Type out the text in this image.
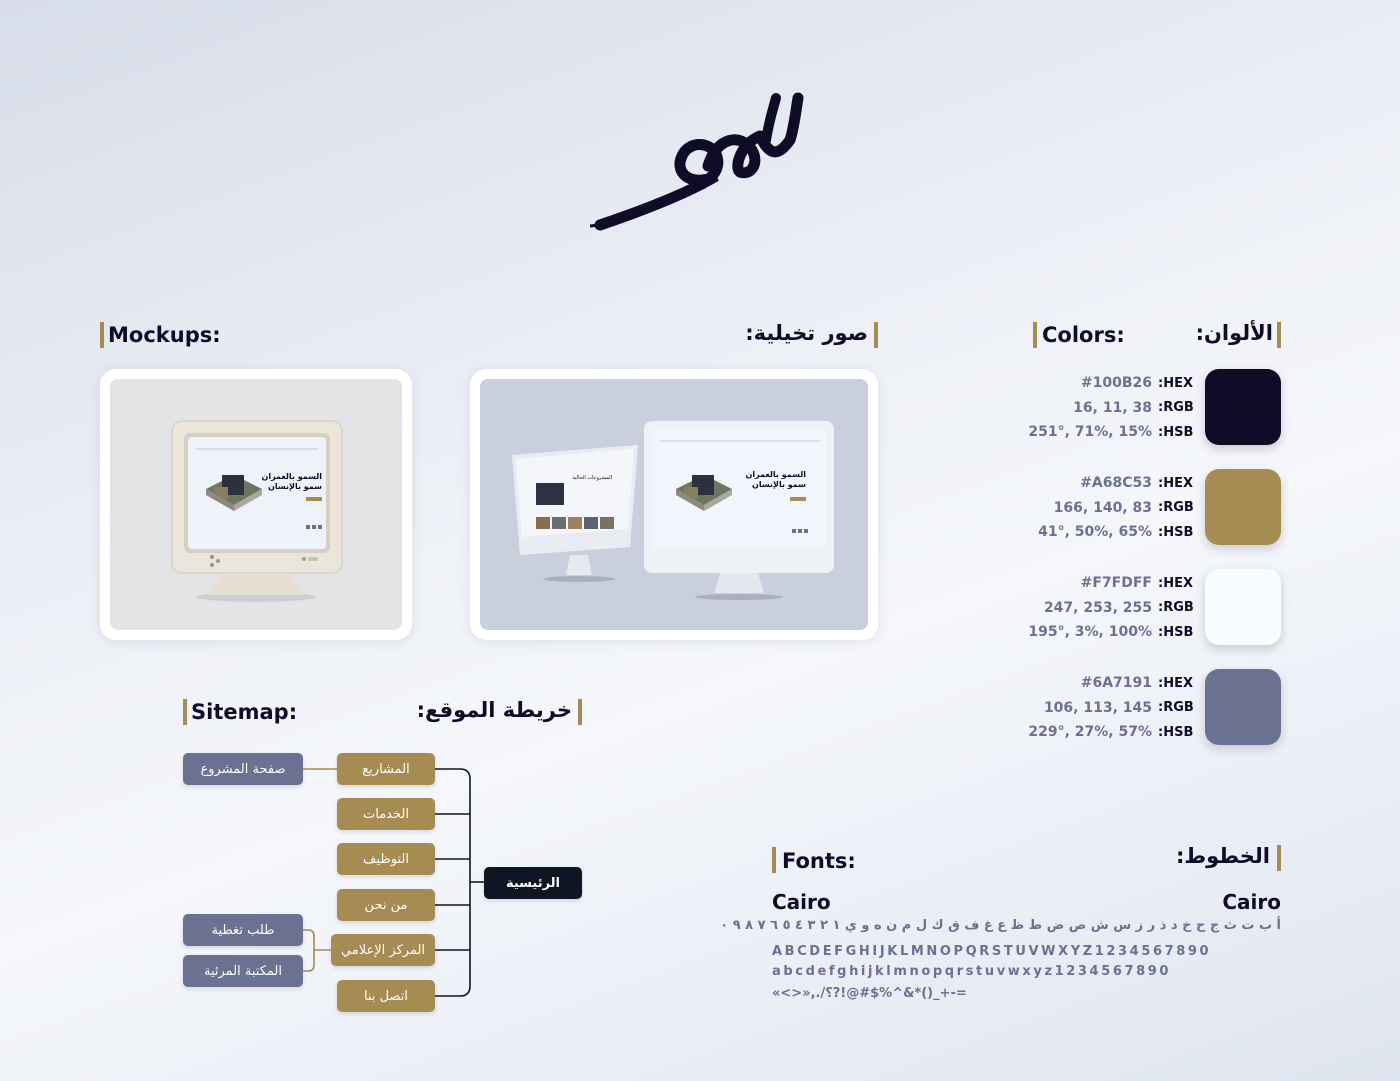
Mockups:	صور تخيلية:
السمو بالعمران
سمو بالإنسان
المشروعات الحالية	السمو بالعمران
سمو بالإنسان
Colors:	الألوان:
#100B26 :HEX
16, 11, 38 :RGB
251°, 71%, 15% :HSB
#A68C53 :HEX
166, 140, 83 :RGB
41°, 50%, 65% :HSB
#F7FDFF :HEX
247, 253, 255 :RGB
195°, 3%, 100% :HSB
#6A7191 :HEX
106, 113, 145 :RGB
229°, 27%, 57% :HSB
Sitemap:	خريطة الموقع:
الرئيسية
المشاريع
الخدمات
التوظيف
من نحن
المركز الإعلامي
اتصل بنا
صفحة المشروع
طلب تغطية
المكتبة المرئية
Fonts:	الخطوط:
Cairo	Cairo
أ ب ت ث ج ح خ د ذ ر ز س ش ص ض ط ظ ع غ ف ق ك ل م ن ه و ي ١ ٢ ٣ ٤ ٥ ٦ ٧ ٨ ٩ ٠
ABCDEFGHIJKLMNOPQRSTUVWXYZ1234567890
abcdefghijklmnopqrstuvwxyz1234567890
«<>»,./؟?!@#$%^&*()_+-=
